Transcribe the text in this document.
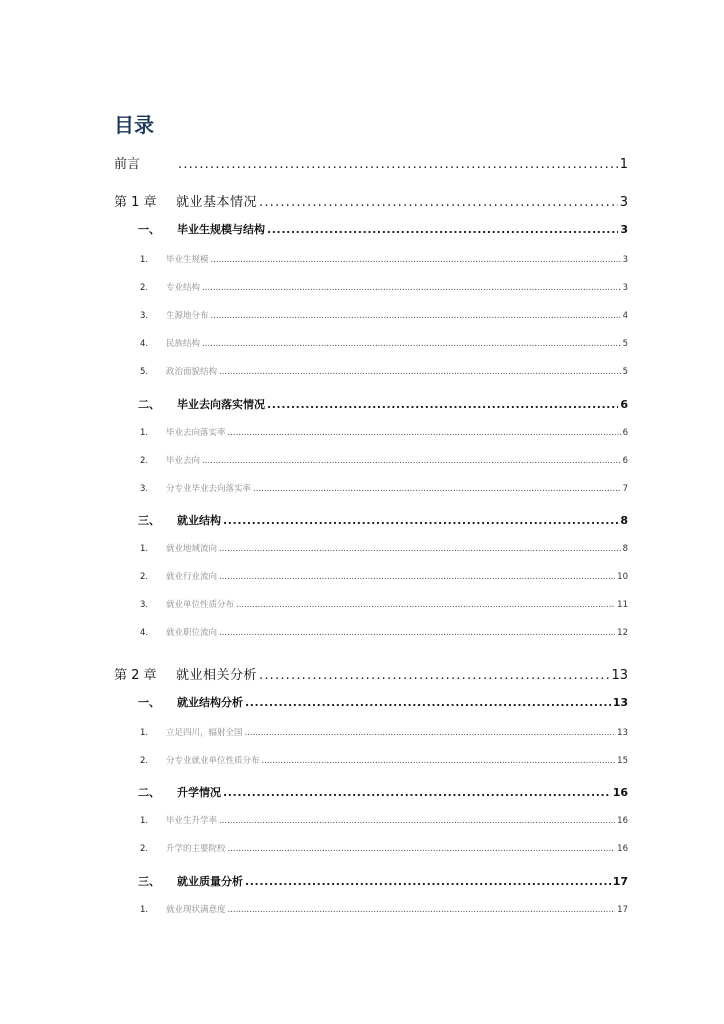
目录
前言 .....	1
第 1 章	就业基本情况 .....	3
一、	毕业生规模与结构 .....	3
1.	毕业生规模 .....	3
2.	专业结构 .....	3
3.	生源地分布 .....	4
4.	民族结构 .....	5
5.	政治面貌结构 .....	5
二、	毕业去向落实情况 .....	6
1.	毕业去向落实率 .....	6
2.	毕业去向 .....	6
3.	分专业毕业去向落实率 .....	7
三、	就业结构 .....	8
1.	就业地域流向 .....	8
2.	就业行业流向 .....	10
3.	就业单位性质分布 .....	11
4.	就业职位流向 .....	12
第 2 章	就业相关分析 .....	13
一、	就业结构分析 .....	13
1.	立足四川，辐射全国 .....	13
2.	分专业就业单位性质分布 .....	15
二、	升学情况 .....	16
1.	毕业生升学率 .....	16
2.	升学的主要院校 .....	16
三、	就业质量分析 .....	17
1.	就业现状满意度 .....	17
